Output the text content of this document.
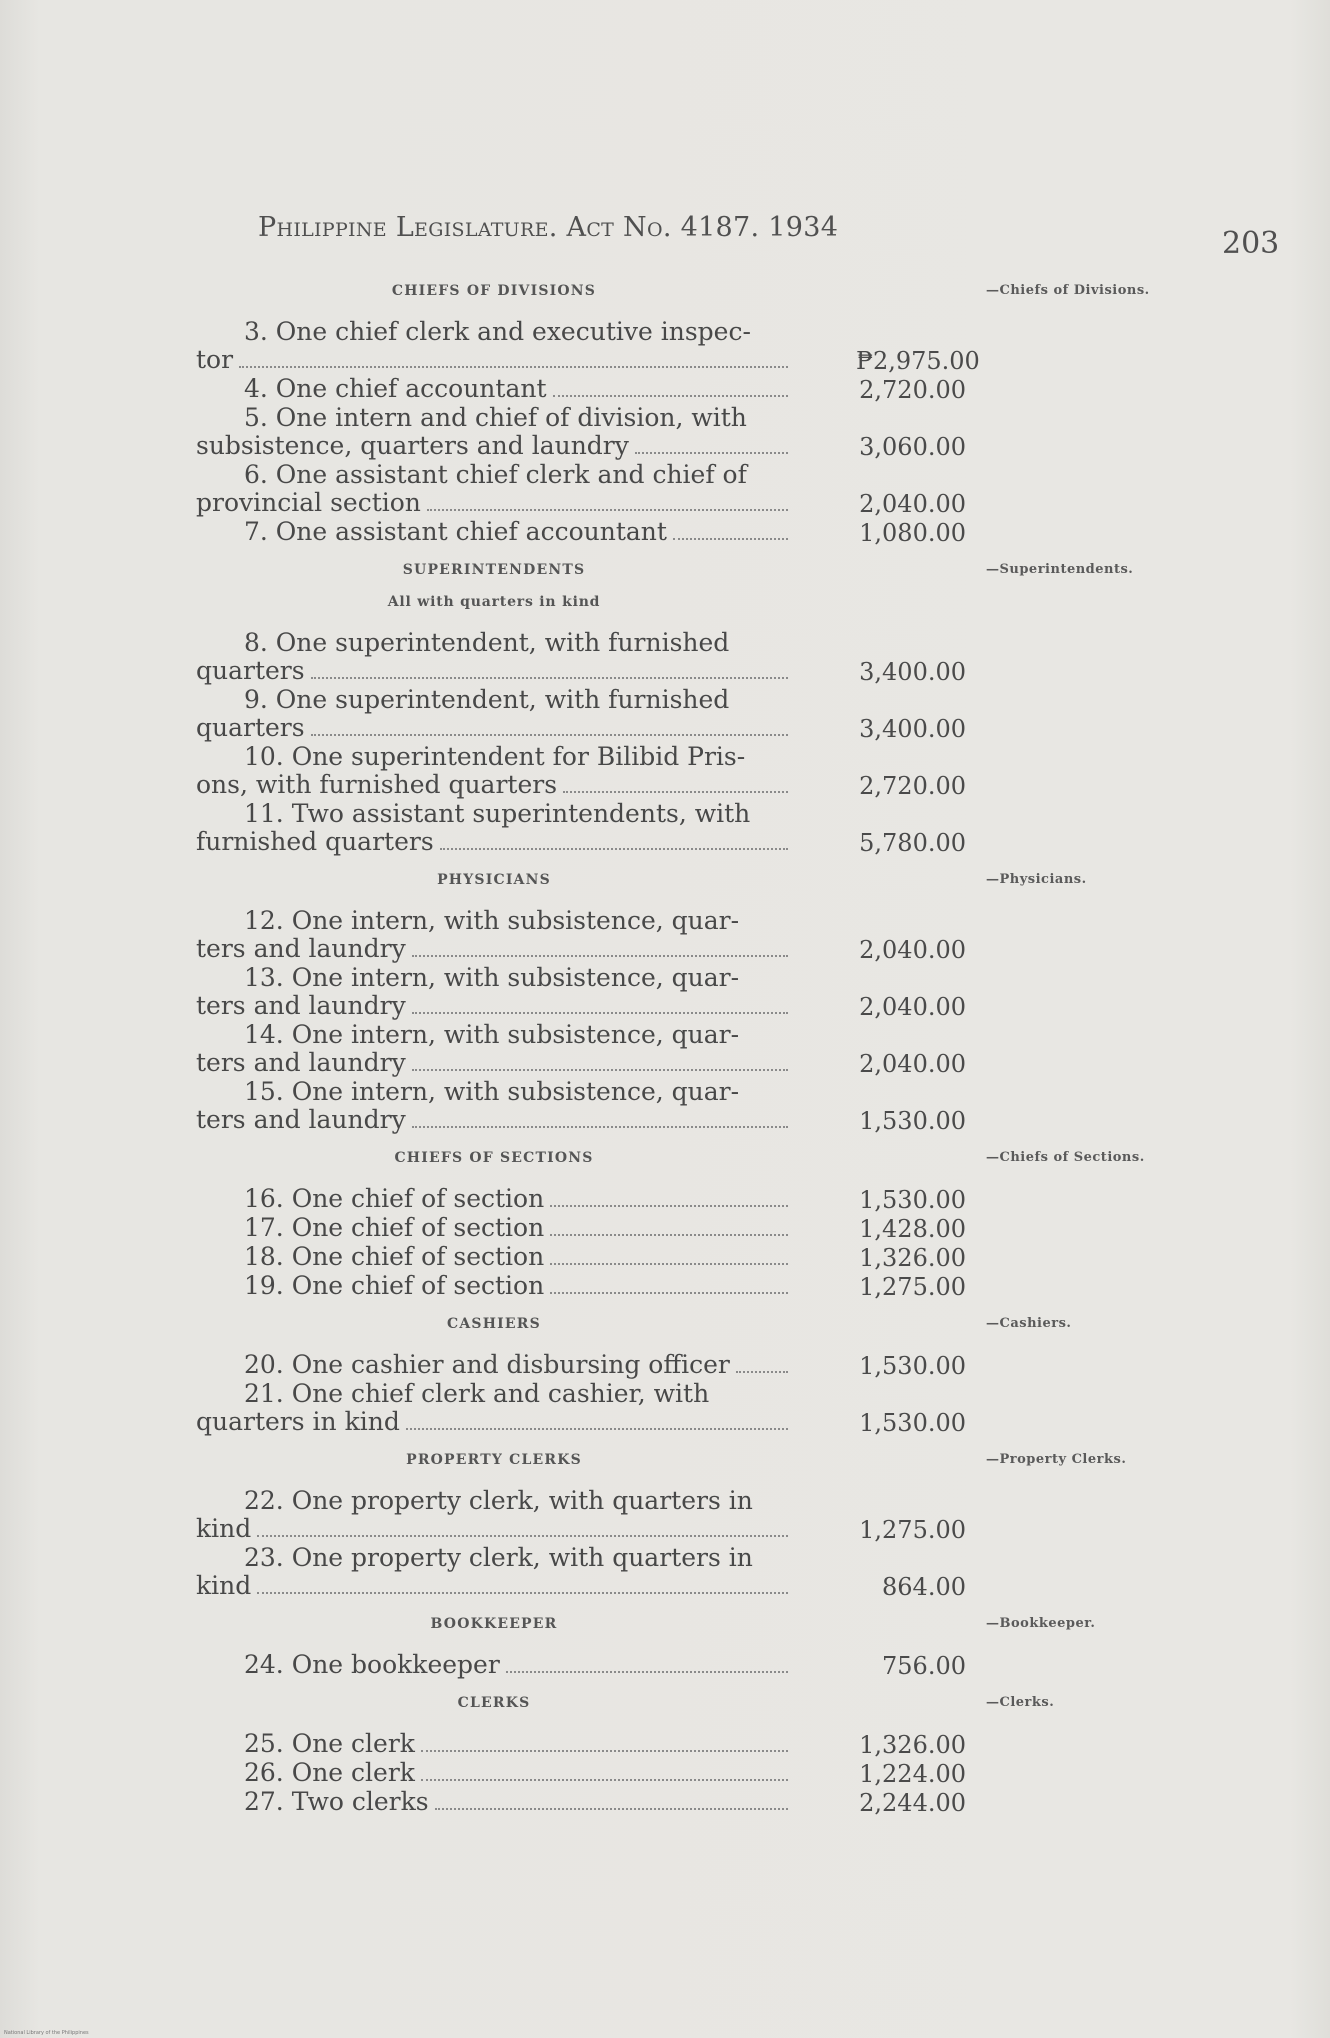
Philippine Legislature. Act No. 4187. 1934	203
CHIEFS OF DIVISIONS	—Chiefs of Divisions.
3. One chief clerk and executive inspec-
tor	₱2,975.00
4. One chief accountant	2,720.00
5. One intern and chief of division, with
subsistence, quarters and laundry	3,060.00
6. One assistant chief clerk and chief of
provincial section	2,040.00
7. One assistant chief accountant	1,080.00
SUPERINTENDENTS	—Superintendents.
All with quarters in kind
8. One superintendent, with furnished
quarters	3,400.00
9. One superintendent, with furnished
quarters	3,400.00
10. One superintendent for Bilibid Pris-
ons, with furnished quarters	2,720.00
11. Two assistant superintendents, with
furnished quarters	5,780.00
PHYSICIANS	—Physicians.
12. One intern, with subsistence, quar-
ters and laundry	2,040.00
13. One intern, with subsistence, quar-
ters and laundry	2,040.00
14. One intern, with subsistence, quar-
ters and laundry	2,040.00
15. One intern, with subsistence, quar-
ters and laundry	1,530.00
CHIEFS OF SECTIONS	—Chiefs of Sections.
16. One chief of section	1,530.00
17. One chief of section	1,428.00
18. One chief of section	1,326.00
19. One chief of section	1,275.00
CASHIERS	—Cashiers.
20. One cashier and disbursing officer	1,530.00
21. One chief clerk and cashier, with
quarters in kind	1,530.00
PROPERTY CLERKS	—Property Clerks.
22. One property clerk, with quarters in
kind	1,275.00
23. One property clerk, with quarters in
kind	864.00
BOOKKEEPER	—Bookkeeper.
24. One bookkeeper	756.00
CLERKS	—Clerks.
25. One clerk	1,326.00
26. One clerk	1,224.00
27. Two clerks	2,244.00
National Library of the Philippines
